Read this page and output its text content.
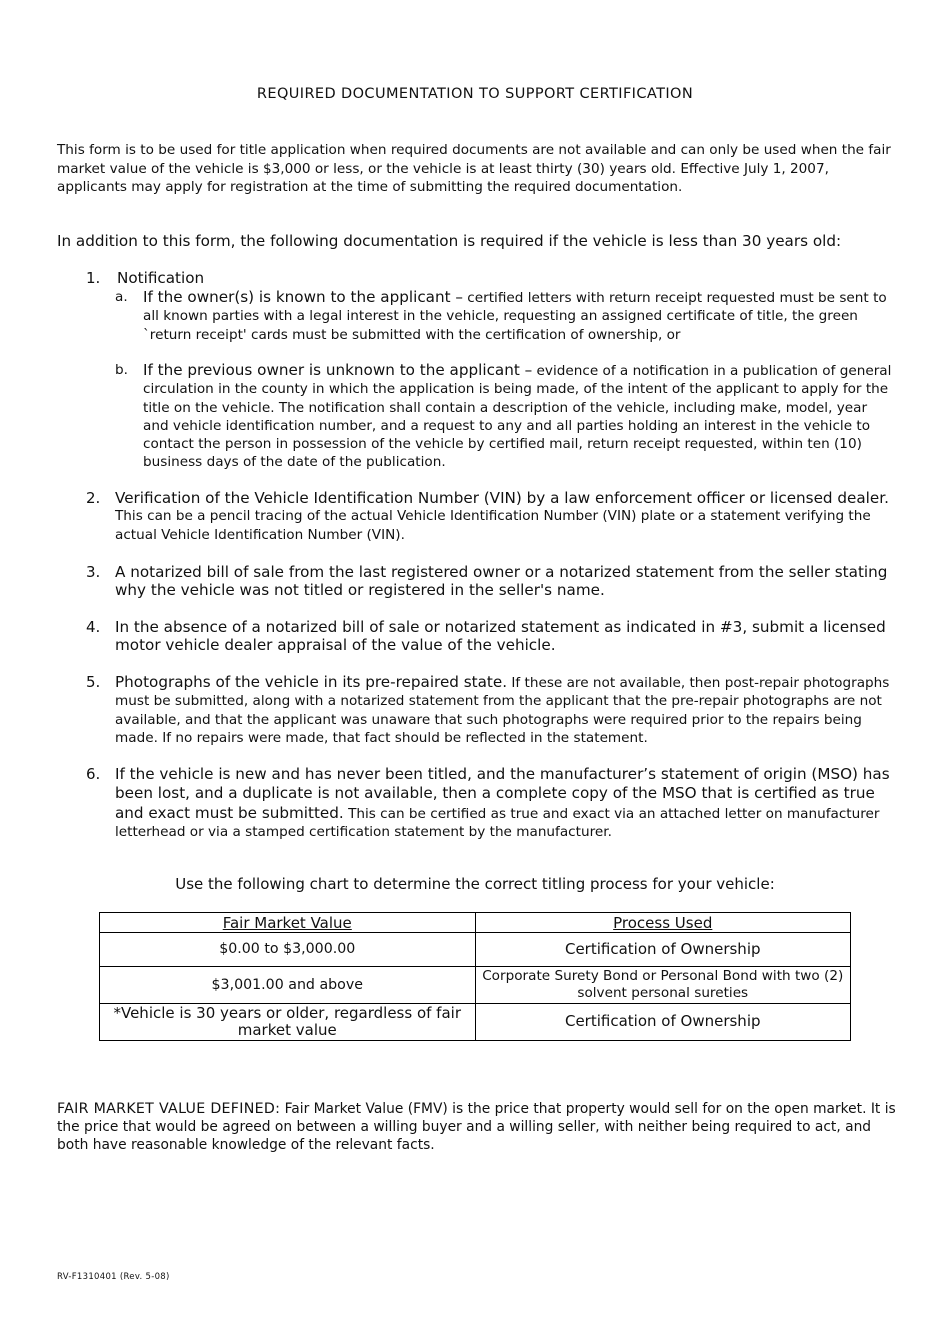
REQUIRED DOCUMENTATION TO SUPPORT CERTIFICATION
This form is to be used for title application when required documents are not available and can only be used when the fair market value of the vehicle is $3,000 or less, or the vehicle is at least thirty (30) years old. Effective July 1, 2007, applicants may apply for registration at the time of submitting the required documentation.
In addition to this form, the following documentation is required if the vehicle is less than 30 years old:
1. Notification
a. If the owner(s) is known to the applicant – certified letters with return receipt requested must be sent to all known parties with a legal interest in the vehicle, requesting an assigned certificate of title, the green `return receipt' cards must be submitted with the certification of ownership, or
b. If the previous owner is unknown to the applicant – evidence of a notification in a publication of general circulation in the county in which the application is being made, of the intent of the applicant to apply for the title on the vehicle. The notification shall contain a description of the vehicle, including make, model, year and vehicle identification number, and a request to any and all parties holding an interest in the vehicle to contact the person in possession of the vehicle by certified mail, return receipt requested, within ten (10) business days of the date of the publication.
2. Verification of the Vehicle Identification Number (VIN) by a law enforcement officer or licensed dealer.
This can be a pencil tracing of the actual Vehicle Identification Number (VIN) plate or a statement verifying the actual Vehicle Identification Number (VIN).
3. A notarized bill of sale from the last registered owner or a notarized statement from the seller stating why the vehicle was not titled or registered in the seller's name.
4. In the absence of a notarized bill of sale or notarized statement as indicated in #3, submit a licensed motor vehicle dealer appraisal of the value of the vehicle.
5. Photographs of the vehicle in its pre-repaired state. If these are not available, then post-repair photographs must be submitted, along with a notarized statement from the applicant that the pre-repair photographs are not available, and that the applicant was unaware that such photographs were required prior to the repairs being made. If no repairs were made, that fact should be reflected in the statement.
6. If the vehicle is new and has never been titled, and the manufacturer’s statement of origin (MSO) has been lost, and a duplicate is not available, then a complete copy of the MSO that is certified as true and exact must be submitted. This can be certified as true and exact via an attached letter on manufacturer letterhead or via a stamped certification statement by the manufacturer.
Use the following chart to determine the correct titling process for your vehicle:
Fair Market Value	Process Used
$0.00 to $3,000.00	Certification of Ownership
$3,001.00 and above	Corporate Surety Bond or Personal Bond with two (2) solvent personal sureties
*Vehicle is 30 years or older, regardless of fair market value	Certification of Ownership
FAIR MARKET VALUE DEFINED: Fair Market Value (FMV) is the price that property would sell for on the open market. It is the price that would be agreed on between a willing buyer and a willing seller, with neither being required to act, and both have reasonable knowledge of the relevant facts.
RV-F1310401 (Rev. 5-08)
